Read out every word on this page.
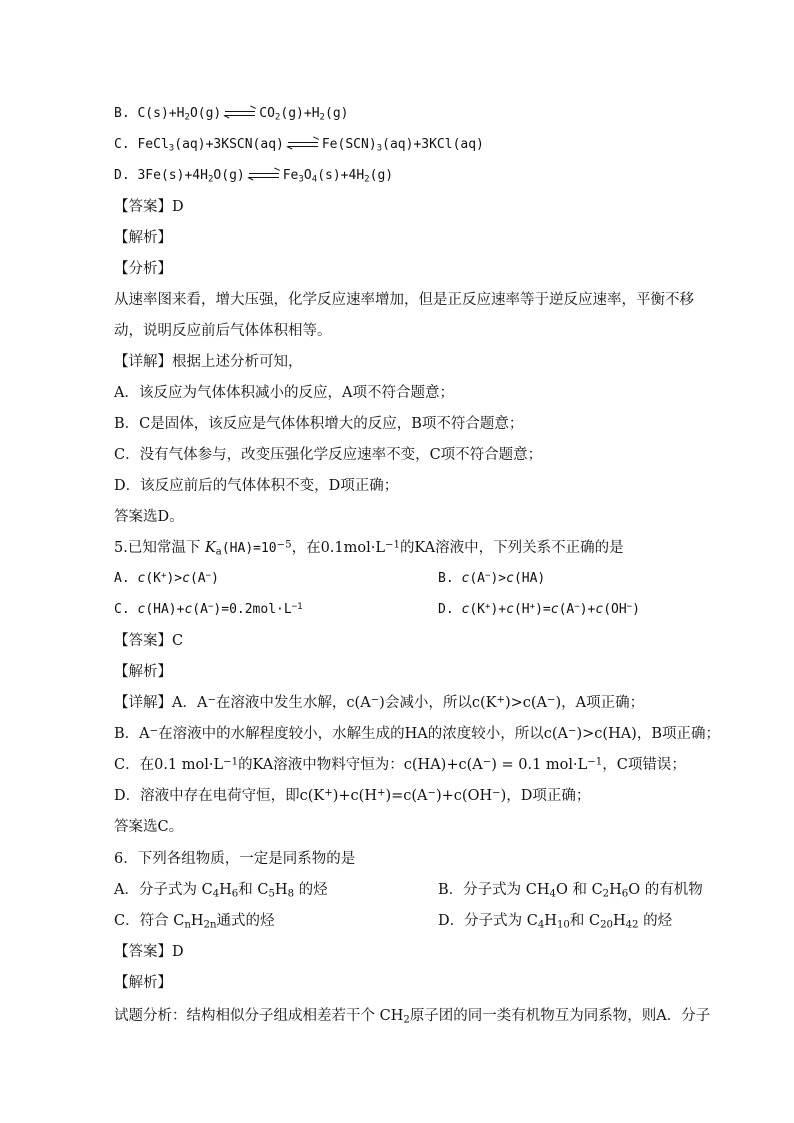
B. $C(s)+H_2O(g)$	$CO_2(g)+H_2(g)$
C. FeCl$_3$(aq)+3KSCN(aq)	$Fe(SCN)_3(aq)+3KCl(aq)$
D. $3Fe(s)+4H_2O(g)$	$Fe_3O_4(s)+4H_2(g)$
【答案】D
【解析】
【分析】
从速率图来看，增大压强，化学反应速率增加，但是正反应速率等于逆反应速率，平衡不移
动，说明反应前后气体体积相等。
【详解】根据上述分析可知，
A．该反应为气体体积减小的反应，A项不符合题意；
B．C是固体，该反应是气体体积增大的反应，B项不符合题意；
C．没有气体参与，改变压强化学反应速率不变，C项不符合题意；
D．该反应前后的气体体积不变，D项正确；
答案选D。
5.已知常温下 $K_a(HA)=10^{-5}$，在$0.1mol\cdot L^{-1}$的KA溶液中，下列关系不正确的是
A. c(K+)>c(A−)	B. c(A−)>c(HA)
C. $c(HA)+c(A^-)=0.2mol\cdot L^{-1}$	D. c(K+)+c(H+)=c(A−)+c(OH−)
【答案】C
【解析】
【详解】A．A−在溶液中发生水解，c(A−)会减小，所以c(K+)>c(A−)，A项正确；
B．A−在溶液中的水解程度较小，水解生成的HA的浓度较小，所以c(A−)>c(HA)，B项正确；
C．在0.1 $mol\cdot L^{-1}$的KA溶液中物料守恒为：c(HA)+c(A−) = 0.1 $mol\cdot L^{-1}$，C项错误；
D．溶液中存在电荷守恒，即c(K+)+c(H+)=c(A−)+c(OH−)，D项正确；
答案选C。
6．下列各组物质，一定是同系物的是
A．分子式为 $C_4H_6$和 $C_5H_8$ 的烃	B．分子式为 $CH_4O$ 和 $C_2H_6O$ 的有机物
C．符合 $C_nH_{2n}$通式的烃	D．分子式为 $C_4H_{10}$和 $C_{20}H_{42}$ 的烃
【答案】D
【解析】
试题分析：结构相似分子组成相差若干个 $CH_2$原子团的同一类有机物互为同系物，则A．分子
